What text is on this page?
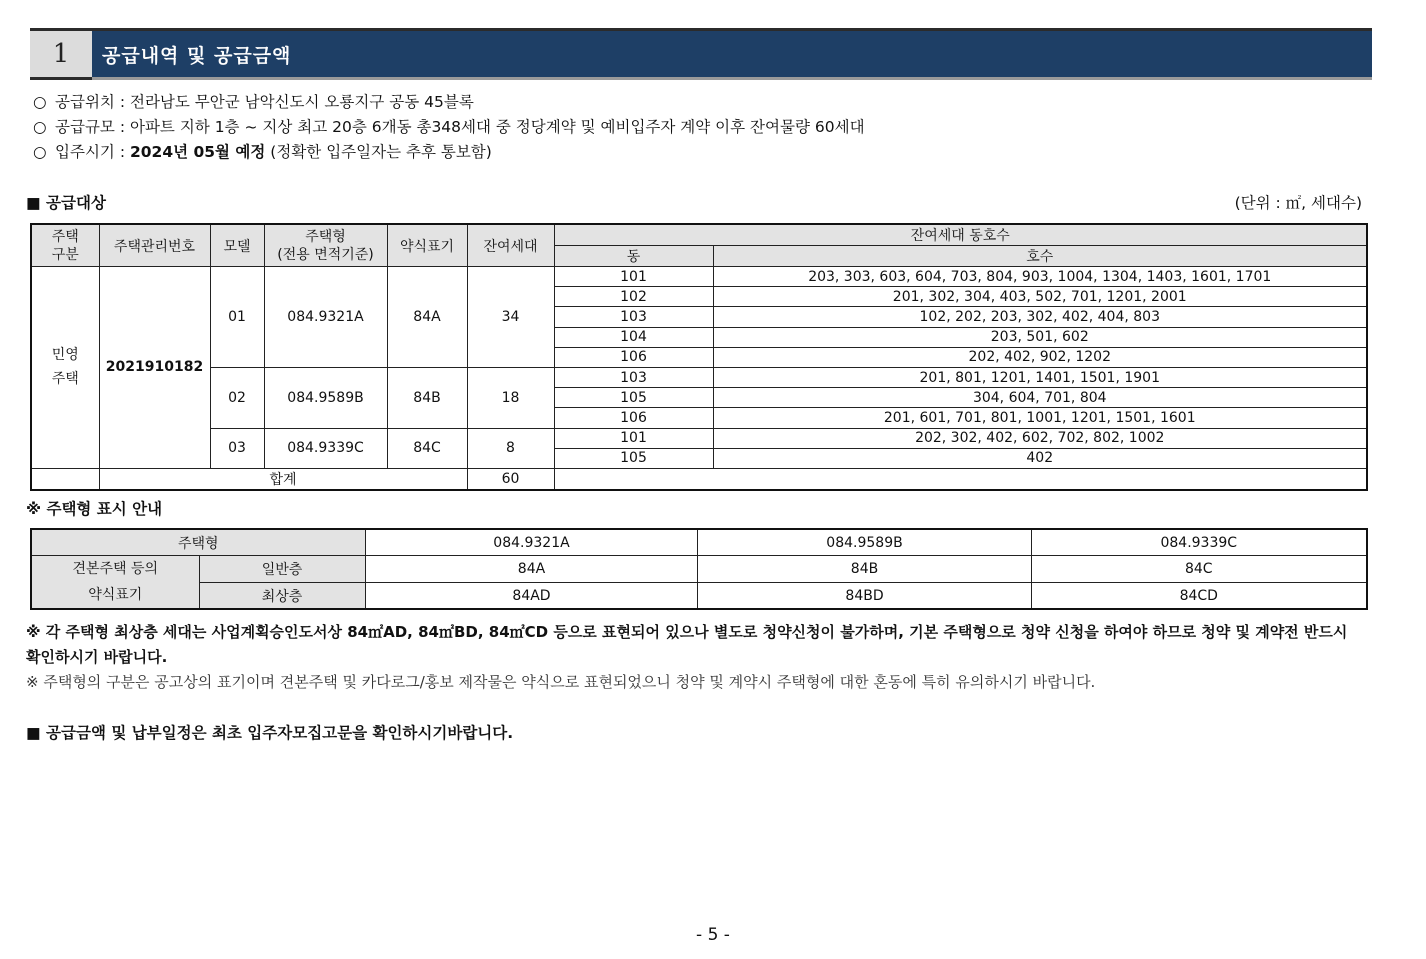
1	공급내역 및 공급금액
○ 공급위치 : 전라남도 무안군 남악신도시 오룡지구 공동 45블록
○ 공급규모 : 아파트 지하 1층 ~ 지상 최고 20층 6개동 총348세대 중 정당계약 및 예비입주자 계약 이후 잔여물량 60세대
○ 입주시기 : 2024년 05월 예정 (정확한 입주일자는 추후 통보함)
■ 공급대상	(단위 : ㎡, 세대수)
주택
구분	주택관리번호	모델	주택형
(전용 면적기준)	약식표기	잔여세대	잔여세대 동호수	
						동	호수
민영
주택	2021910182	01	084.9321A	84A	34	101	203, 303, 603, 604, 703, 804, 903, 1004, 1304, 1403, 1601, 1701
						102	201, 302, 304, 403, 502, 701, 1201, 2001
						103	102, 202, 203, 302, 402, 404, 803
						104	203, 501, 602
						106	202, 402, 902, 1202
		02	084.9589B	84B	18	103	201, 801, 1201, 1401, 1501, 1901
						105	304, 604, 701, 804
						106	201, 601, 701, 801, 1001, 1201, 1501, 1601
		03	084.9339C	84C	8	101	202, 302, 402, 602, 702, 802, 1002
						105	402
	합계				60		
※ 주택형 표시 안내
주택형		084.9321A	084.9589B	084.9339C
견본주택 등의
약식표기	일반층	84A	84B	84C
	최상층	84AD	84BD	84CD
※ 각 주택형 최상층 세대는 사업계획승인도서상 84㎡AD, 84㎡BD, 84㎡CD 등으로 표현되어 있으나 별도로 청약신청이 불가하며, 기본 주택형으로 청약 신청을 하여야 하므로 청약 및 계약전 반드시
확인하시기 바랍니다.
※ 주택형의 구분은 공고상의 표기이며 견본주택 및 카다로그/홍보 제작물은 약식으로 표현되었으니 청약 및 계약시 주택형에 대한 혼동에 특히 유의하시기 바랍니다.
■ 공급금액 및 납부일정은 최초 입주자모집고문을 확인하시기바랍니다.
- 5 -
